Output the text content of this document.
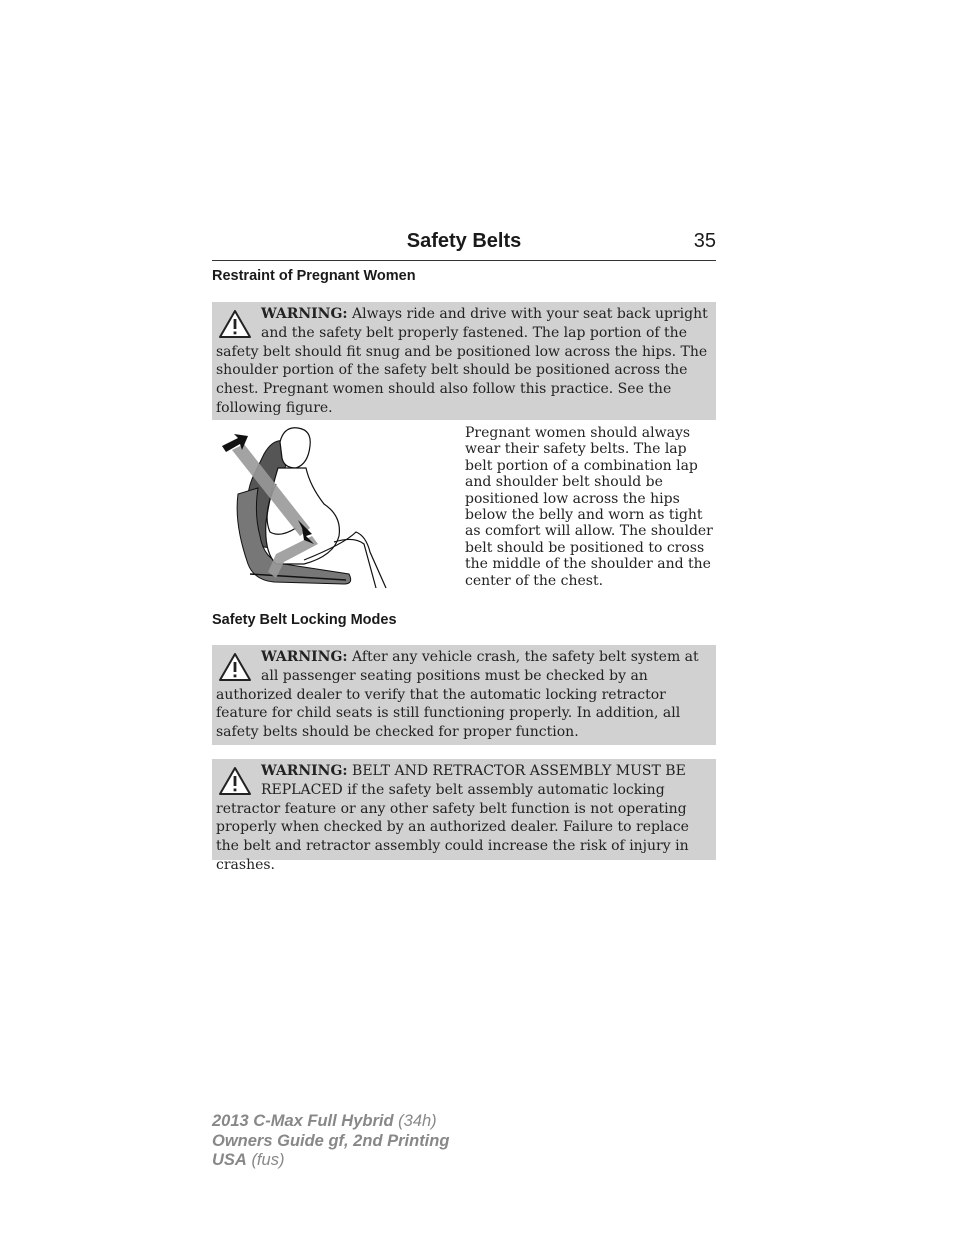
Safety Belts	35
Restraint of Pregnant Women
WARNING: Always ride and drive with your seat back upright and the safety belt properly fastened. The lap portion of the safety belt should fit snug and be positioned low across the hips. The shoulder portion of the safety belt should be positioned across the chest. Pregnant women should also follow this practice. See the following figure.
Pregnant women should always wear their safety belts. The lap belt portion of a combination lap and shoulder belt should be positioned low across the hips below the belly and worn as tight as comfort will allow. The shoulder belt should be positioned to cross the middle of the shoulder and the center of the chest.
Safety Belt Locking Modes
WARNING: After any vehicle crash, the safety belt system at all passenger seating positions must be checked by an authorized dealer to verify that the automatic locking retractor feature for child seats is still functioning properly. In addition, all safety belts should be checked for proper function.
WARNING: BELT AND RETRACTOR ASSEMBLY MUST BE REPLACED if the safety belt assembly automatic locking retractor feature or any other safety belt function is not operating properly when checked by an authorized dealer. Failure to replace the belt and retractor assembly could increase the risk of injury in crashes.
2013 C-Max Full Hybrid (34h)
Owners Guide gf, 2nd Printing
USA (fus)
